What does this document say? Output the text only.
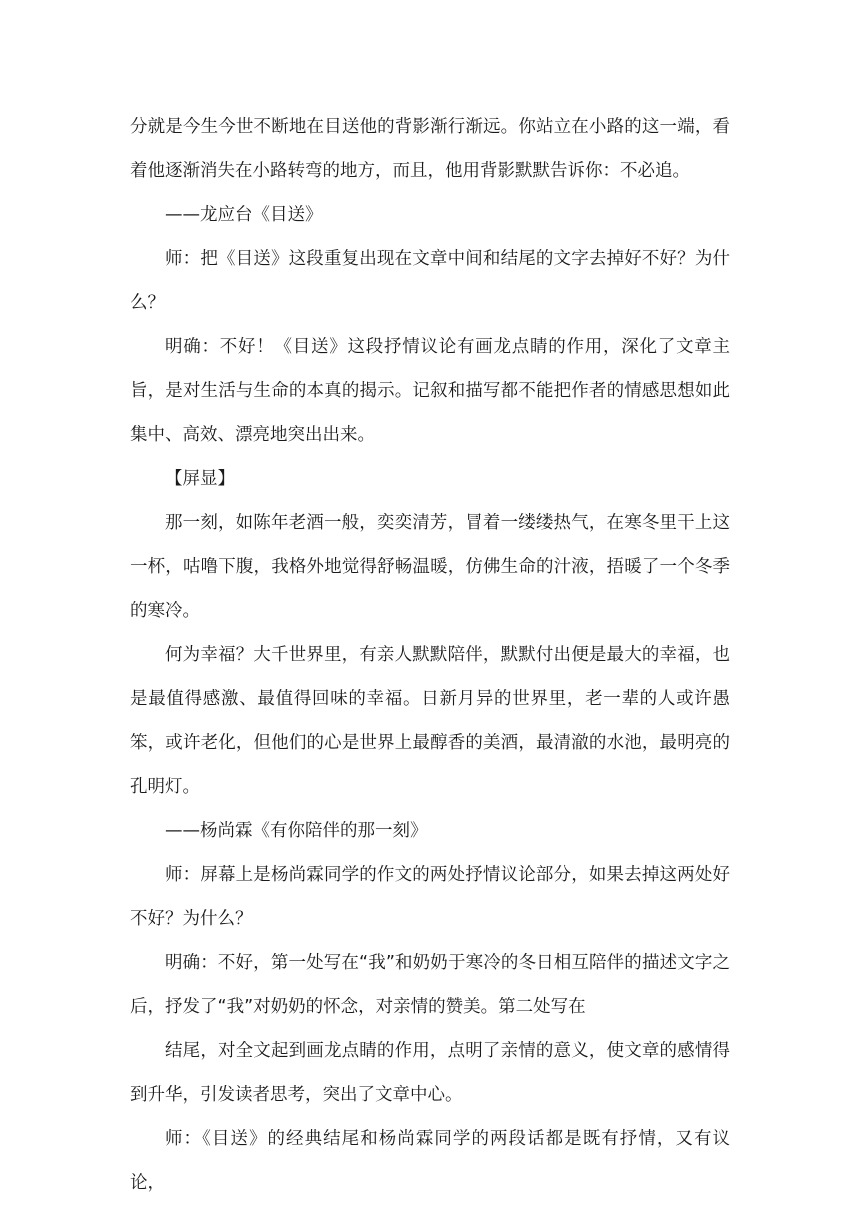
分就是今生今世不断地在目送他的背影渐行渐远。你站立在小路的这一端，看着他逐渐消失在小路转弯的地方，而且，他用背影默默告诉你：不必追。

——龙应台《目送》

师：把《目送》这段重复出现在文章中间和结尾的文字去掉好不好？为什么？

明确：不好！《目送》这段抒情议论有画龙点睛的作用，深化了文章主旨，是对生活与生命的本真的揭示。记叙和描写都不能把作者的情感思想如此集中、高效、漂亮地突出出来。

【屏显】

那一刻，如陈年老酒一般，奕奕清芳，冒着一缕缕热气，在寒冬里干上这一杯，咕噜下腹，我格外地觉得舒畅温暖，仿佛生命的汁液，捂暖了一个冬季的寒冷。

何为幸福？大千世界里，有亲人默默陪伴，默默付出便是最大的幸福，也是最值得感激、最值得回味的幸福。日新月异的世界里，老一辈的人或许愚笨，或许老化，但他们的心是世界上最醇香的美酒，最清澈的水池，最明亮的孔明灯。

——杨尚霖《有你陪伴的那一刻》

师：屏幕上是杨尚霖同学的作文的两处抒情议论部分，如果去掉这两处好不好？为什么？

明确：不好，第一处写在“我”和奶奶于寒冷的冬日相互陪伴的描述文字之后，抒发了“我”对奶奶的怀念，对亲情的赞美。第二处写在

结尾，对全文起到画龙点睛的作用，点明了亲情的意义，使文章的感情得到升华，引发读者思考，突出了文章中心。

师：《目送》的经典结尾和杨尚霖同学的两段话都是既有抒情，又有议论，
